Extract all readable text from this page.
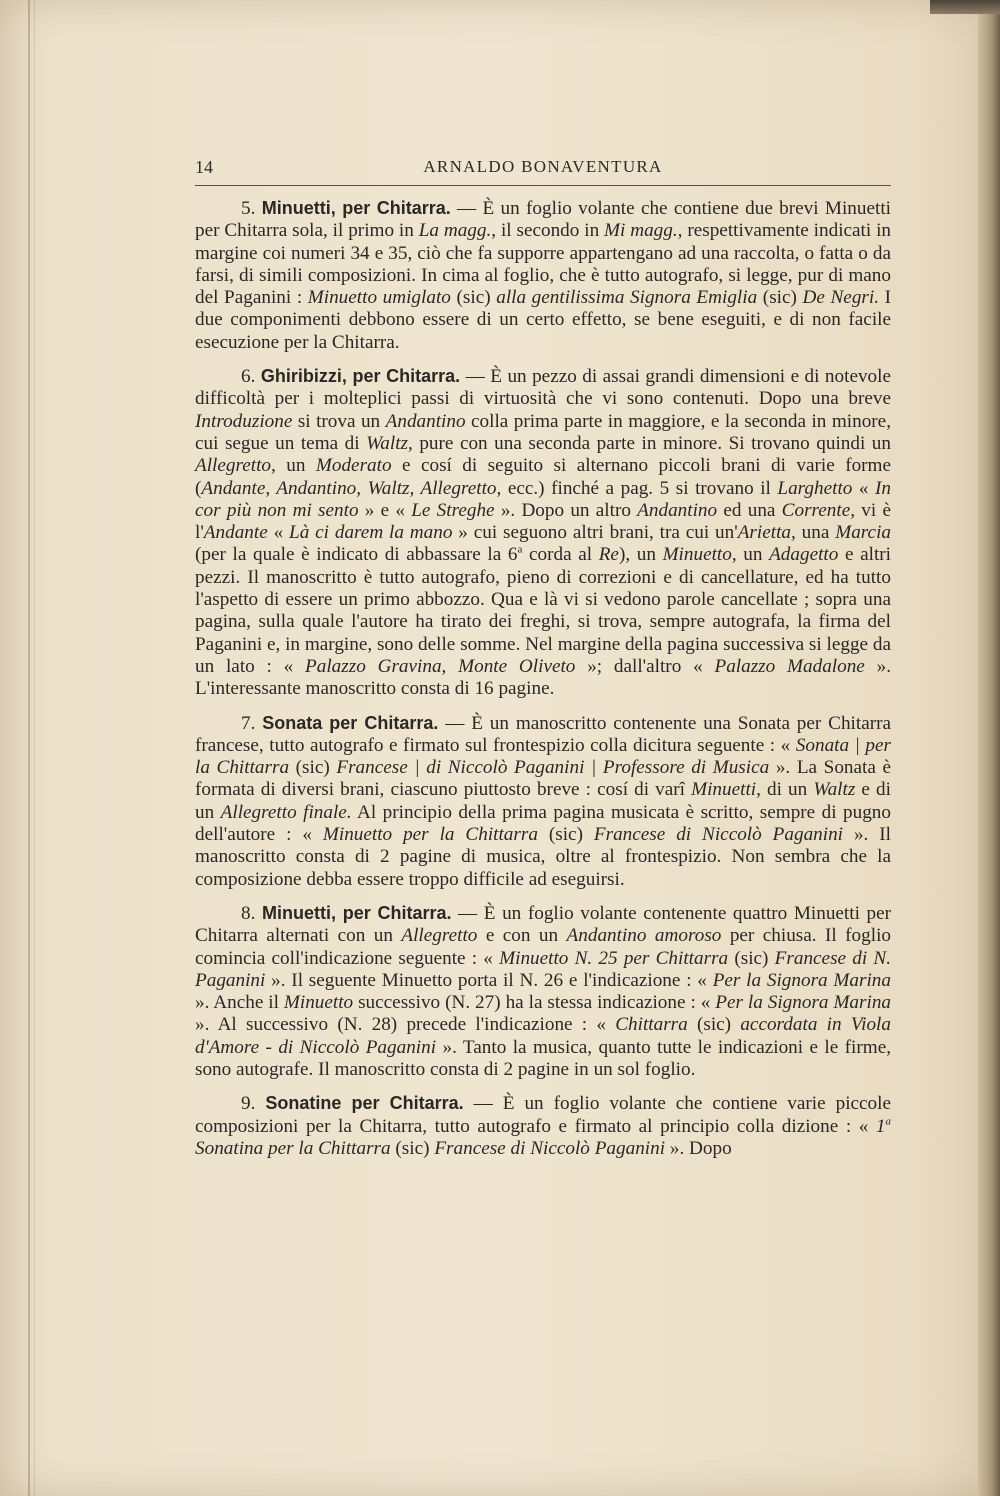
14	ARNALDO BONAVENTURA

5. Minuetti, per Chitarra. — È un foglio volante che contiene due brevi Minuetti per Chitarra sola, il primo in La magg., il secondo in Mi magg., respettivamente indicati in margine coi numeri 34 e 35, ciò che fa supporre appartengano ad una raccolta, o fatta o da farsi, di simili composizioni. In cima al foglio, che è tutto autografo, si legge, pur di mano del Paganini : Minuetto umiglato (sic) alla gentilissima Signora Emiglia (sic) De Negri. I due componimenti debbono essere di un certo effetto, se bene eseguiti, e di non facile esecuzione per la Chitarra.

6. Ghiribizzi, per Chitarra. — È un pezzo di assai grandi dimensioni e di notevole difficoltà per i molteplici passi di virtuosità che vi sono contenuti. Dopo una breve Introduzione si trova un Andantino colla prima parte in maggiore, e la seconda in minore, cui segue un tema di Waltz, pure con una seconda parte in minore. Si trovano quindi un Allegretto, un Moderato e cosí di seguito si alternano piccoli brani di varie forme (Andante, Andantino, Waltz, Allegretto, ecc.) finché a pag. 5 si trovano il Larghetto « In cor più non mi sento » e « Le Streghe ». Dopo un altro Andantino ed una Corrente, vi è l'Andante « Là ci darem la mano » cui seguono altri brani, tra cui un'Arietta, una Marcia (per la quale è indicato di abbassare la 6$^a$ corda al Re), un Minuetto, un Adagetto e altri pezzi. Il manoscritto è tutto autografo, pieno di correzioni e di cancellature, ed ha tutto l'aspetto di essere un primo abbozzo. Qua e là vi si vedono parole cancellate ; sopra una pagina, sulla quale l'autore ha tirato dei freghi, si trova, sempre autografa, la firma del Paganini e, in margine, sono delle somme. Nel margine della pagina successiva si legge da un lato : « Palazzo Gravina, Monte Oliveto »; dall'altro « Palazzo Madalone ». L'interessante manoscritto consta di 16 pagine.

7. Sonata per Chitarra. — È un manoscritto contenente una Sonata per Chitarra francese, tutto autografo e firmato sul frontespizio colla dicitura seguente : « Sonata | per la Chittarra (sic) Francese | di Niccolò Paganini | Professore di Musica ». La Sonata è formata di diversi brani, ciascuno piuttosto breve : cosí di varî Minuetti, di un Waltz e di un Allegretto finale. Al principio della prima pagina musicata è scritto, sempre di pugno dell'autore : « Minuetto per la Chittarra (sic) Francese di Niccolò Paganini ». Il manoscritto consta di 2 pagine di musica, oltre al frontespizio. Non sembra che la composizione debba essere troppo difficile ad eseguirsi.

8. Minuetti, per Chitarra. — È un foglio volante contenente quattro Minuetti per Chitarra alternati con un Allegretto e con un Andantino amoroso per chiusa. Il foglio comincia coll'indicazione seguente : « Minuetto N. 25 per Chittarra (sic) Francese di N. Paganini ». Il seguente Minuetto porta il N. 26 e l'indicazione : « Per la Signora Marina ». Anche il Minuetto successivo (N. 27) ha la stessa indicazione : « Per la Signora Marina ». Al successivo (N. 28) precede l'indicazione : « Chittarra (sic) accordata in Viola d'Amore - di Niccolò Paganini ». Tanto la musica, quanto tutte le indicazioni e le firme, sono autografe. Il manoscritto consta di 2 pagine in un sol foglio.

9. Sonatine per Chitarra. — È un foglio volante che contiene varie piccole composizioni per la Chitarra, tutto autografo e firmato al principio colla dizione : « 1$^a$ Sonatina per la Chittarra (sic) Francese di Niccolò Paganini ». Dopo
